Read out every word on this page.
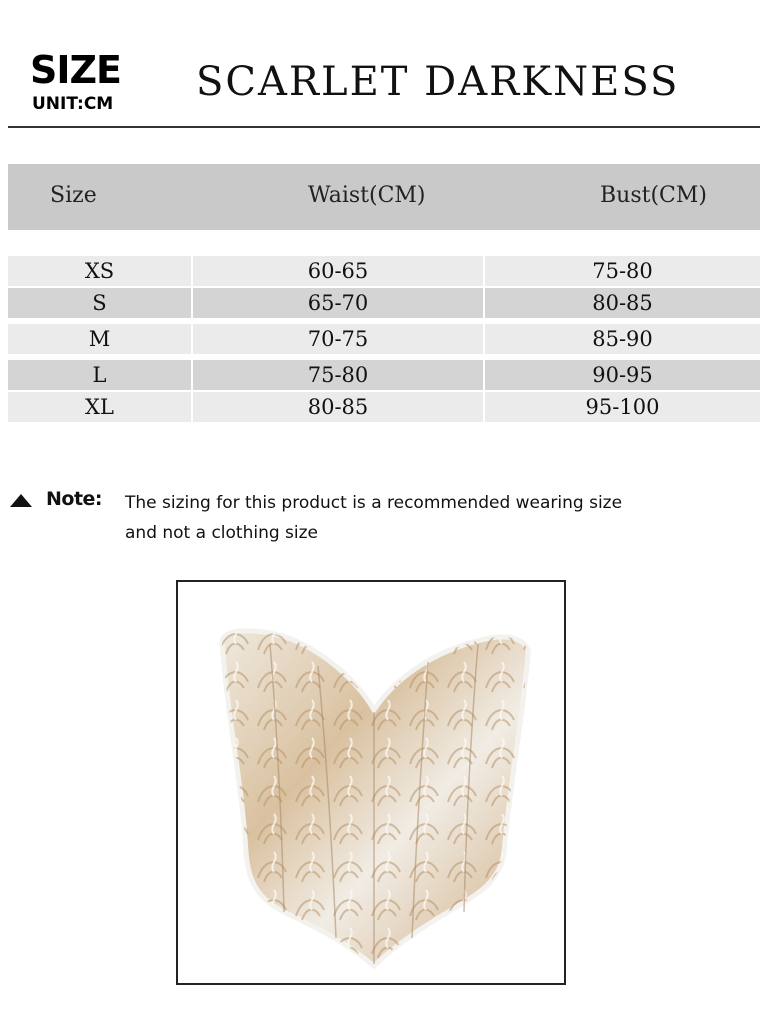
SIZE
UNIT:CM SCARLET DARKNESS
Size	Waist(CM)	Bust(CM)
XS	60-65	75-80
S	65-70	80-85
M	70-75	85-90
L	75-80	90-95
XL	80-85	95-100
Note: The sizing for this product is a recommended wearing size
and not a clothing size
